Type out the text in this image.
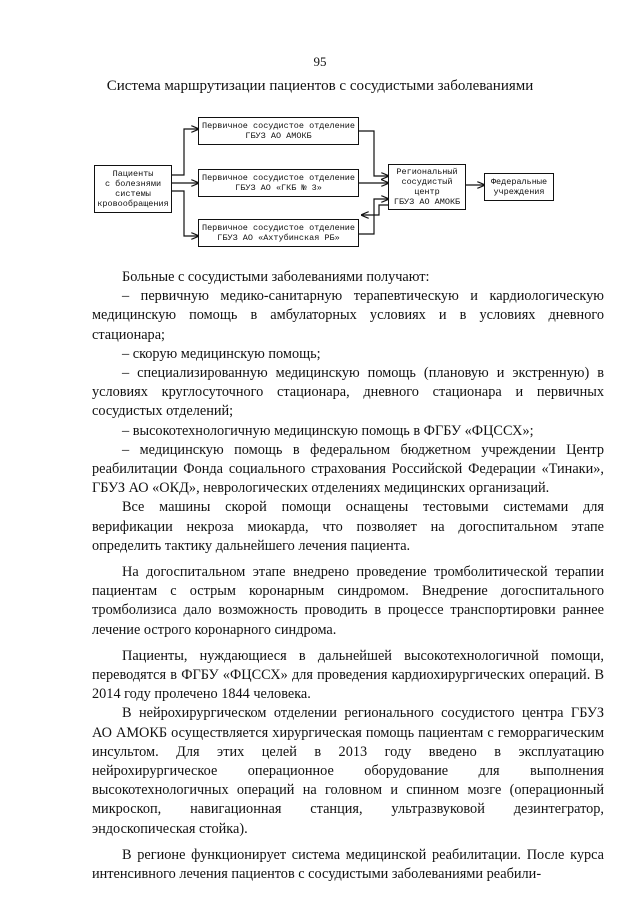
95
Система маршрутизации пациентов с сосудистыми заболеваниями
Пациенты
с болезнями
системы
кровообращения
Первичное сосудистое отделение
ГБУЗ АО АМОКБ
Первичное сосудистое отделение
ГБУЗ АО «ГКБ № 3»
Первичное сосудистое отделение
ГБУЗ АО «Ахтубинская РБ»
Региональный
сосудистый
центр
ГБУЗ АО АМОКБ
Федеральные
учреждения

Больные с сосудистыми заболеваниями получают:

– первичную медико-санитарную терапевтическую и кардиологическую медицинскую помощь в амбулаторных условиях и в условиях дневного стационара;

– скорую медицинскую помощь;

– специализированную медицинскую помощь (плановую и экстренную) в условиях круглосуточного стационара, дневного стационара и первичных сосудистых отделений;

– высокотехнологичную медицинскую помощь в ФГБУ «ФЦССХ»;

– медицинскую помощь в федеральном бюджетном учреждении Центр реабилитации Фонда социального страхования Российской Федерации «Тинаки», ГБУЗ АО «ОКД», неврологических отделениях медицинских организаций.

Все машины скорой помощи оснащены тестовыми системами для верификации некроза миокарда, что позволяет на догоспитальном этапе определить тактику дальнейшего лечения пациента.

На догоспитальном этапе внедрено проведение тромболитической терапии пациентам с острым коронарным синдромом. Внедрение догоспитального тромболизиса дало возможность проводить в процессе транспортировки раннее лечение острого коронарного синдрома.

Пациенты, нуждающиеся в дальнейшей высокотехнологичной помощи, переводятся в ФГБУ «ФЦССХ» для проведения кардиохирургических операций. В 2014 году пролечено 1844 человека.

В нейрохирургическом отделении регионального сосудистого центра ГБУЗ АО АМОКБ осуществляется хирургическая помощь пациентам с геморрагическим инсультом. Для этих целей в 2013 году введено в эксплуатацию нейрохирургическое операционное оборудование для выполнения высокотехнологичных операций на головном и спинном мозге (операционный микроскоп, навигационная станция, ультразвуковой дезинтегратор, эндоскопическая стойка).

В регионе функционирует система медицинской реабилитации. После курса интенсивного лечения пациентов с сосудистыми заболеваниями реабили-
